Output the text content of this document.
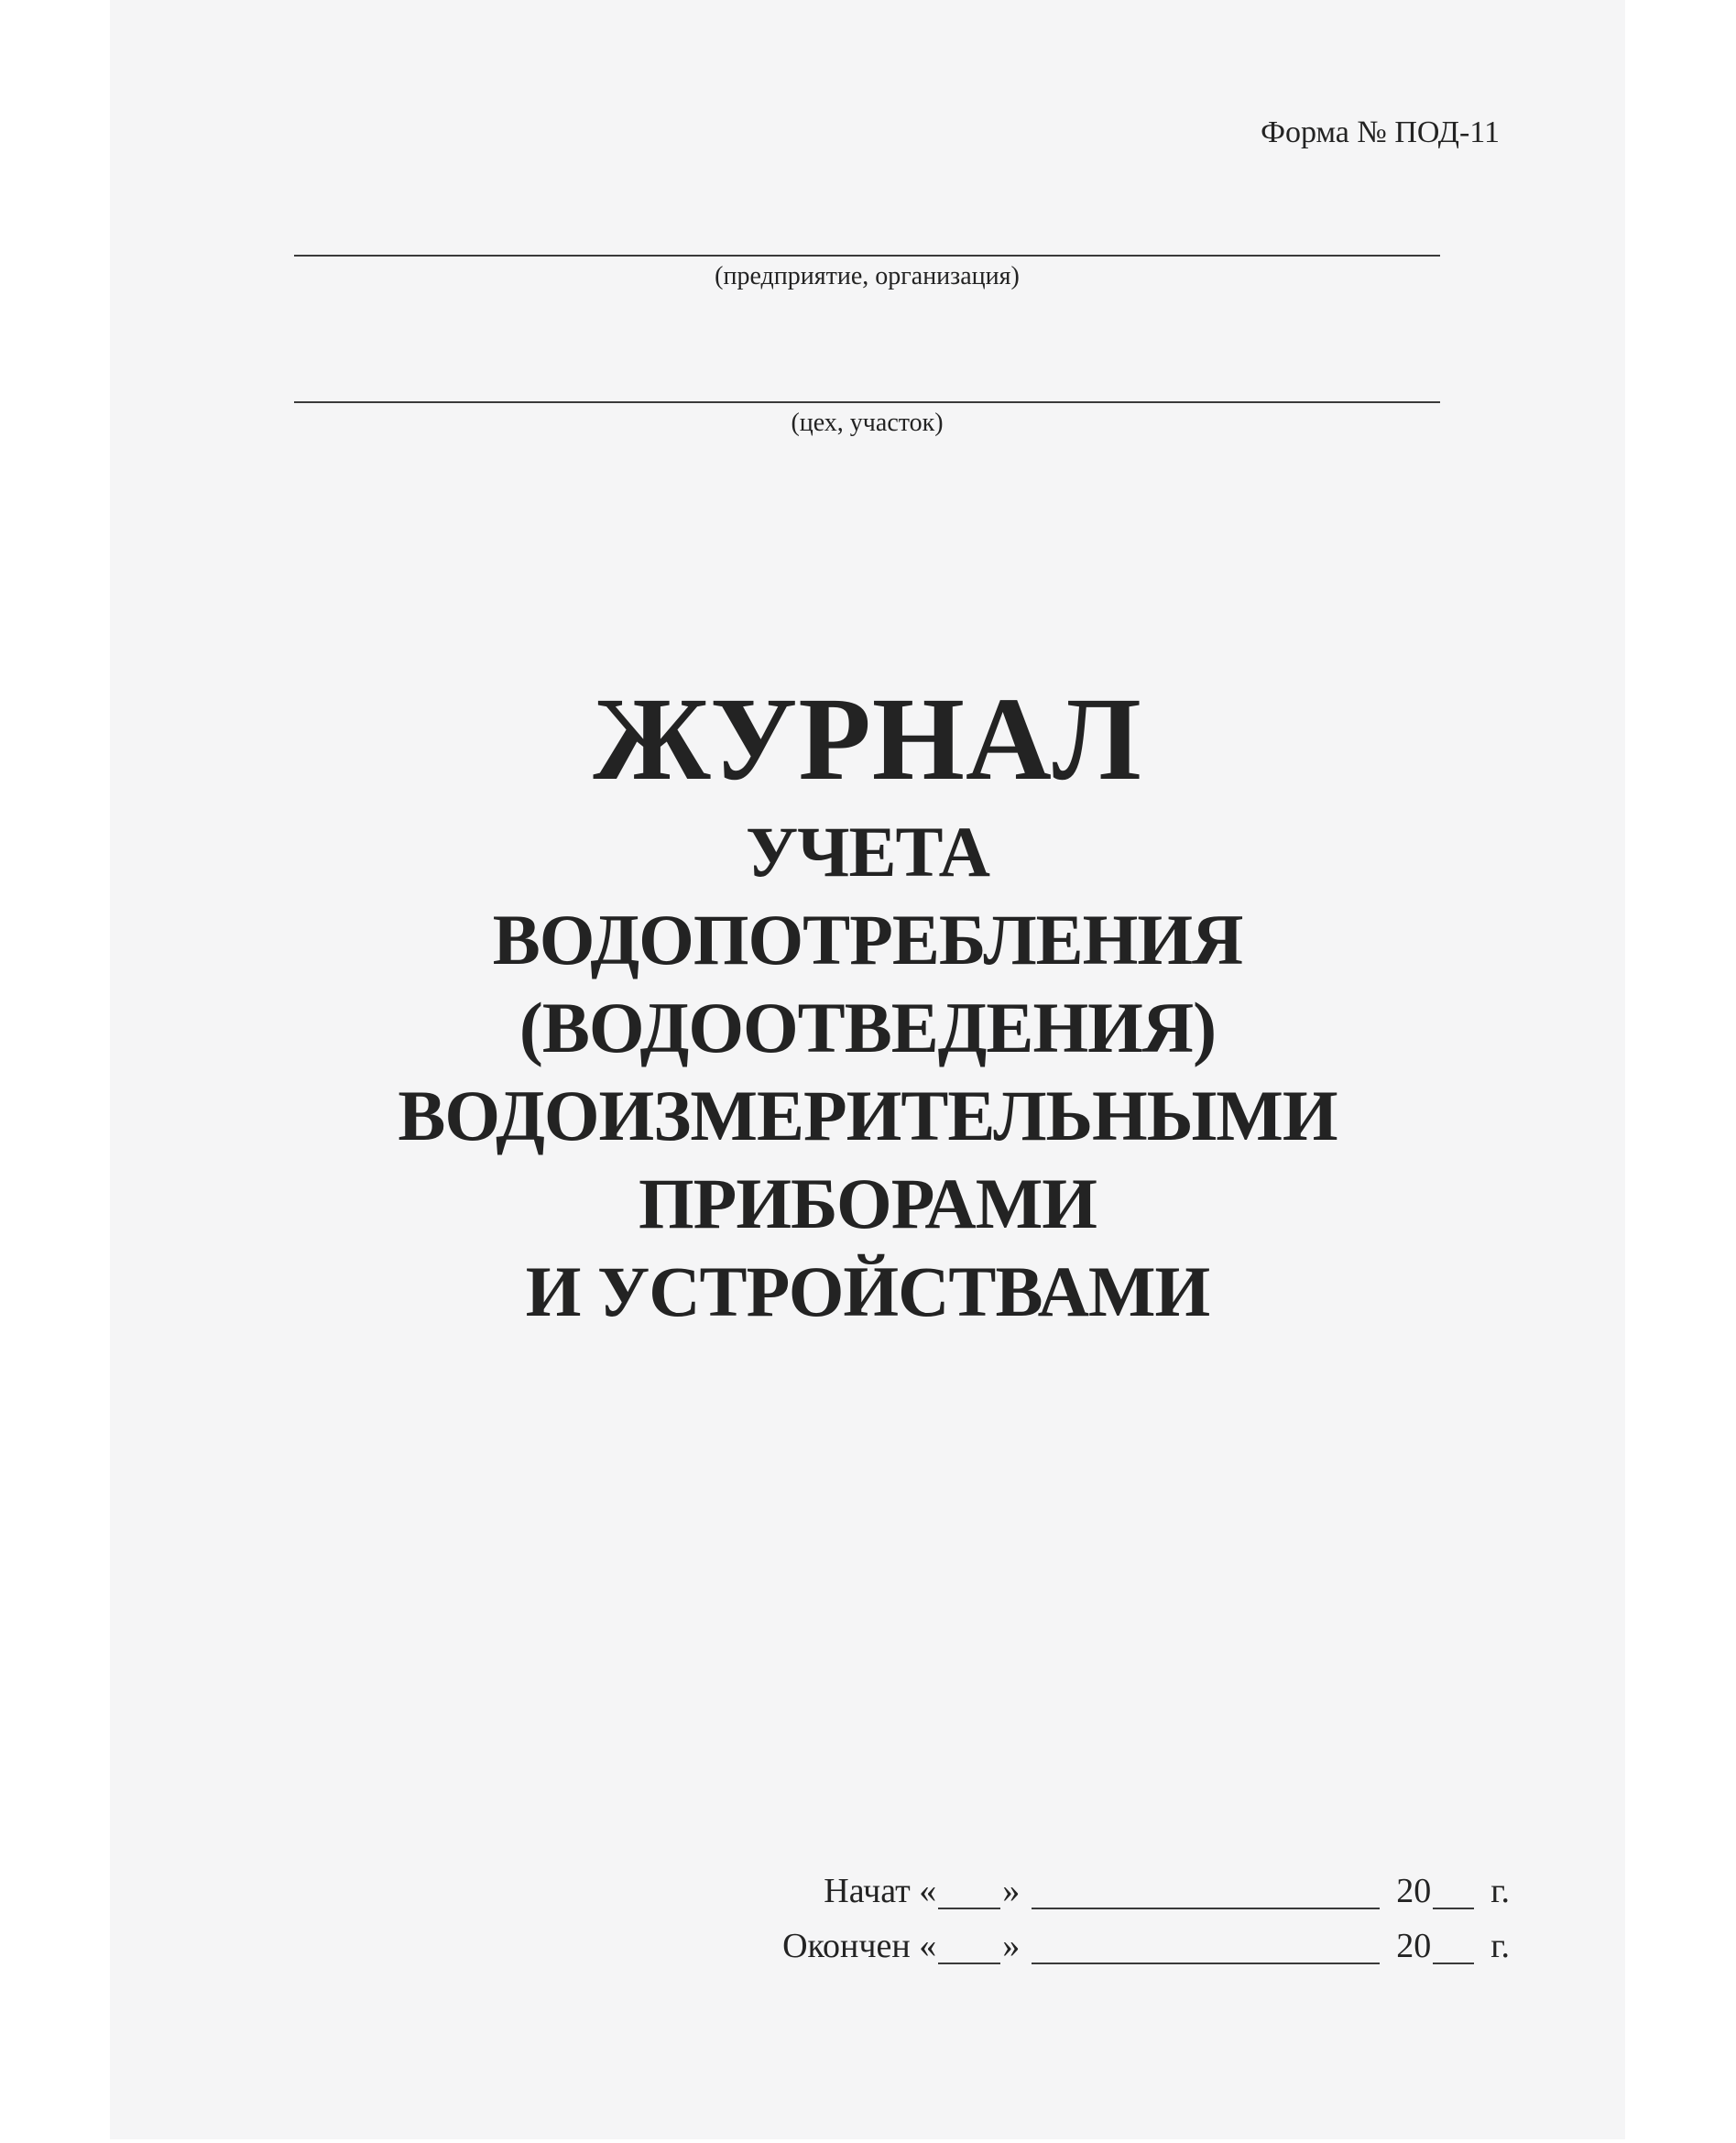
Форма № ПОД-11
(предприятие, организация)
(цех, участок)
ЖУРНАЛ
УЧЕТА
ВОДОПОТРЕБЛЕНИЯ
(ВОДООТВЕДЕНИЯ)
ВОДОИЗМЕРИТЕЛЬНЫМИ
ПРИБОРАМИ
И УСТРОЙСТВАМИ
Начат « »	20 г.
Окончен « »	20 г.
